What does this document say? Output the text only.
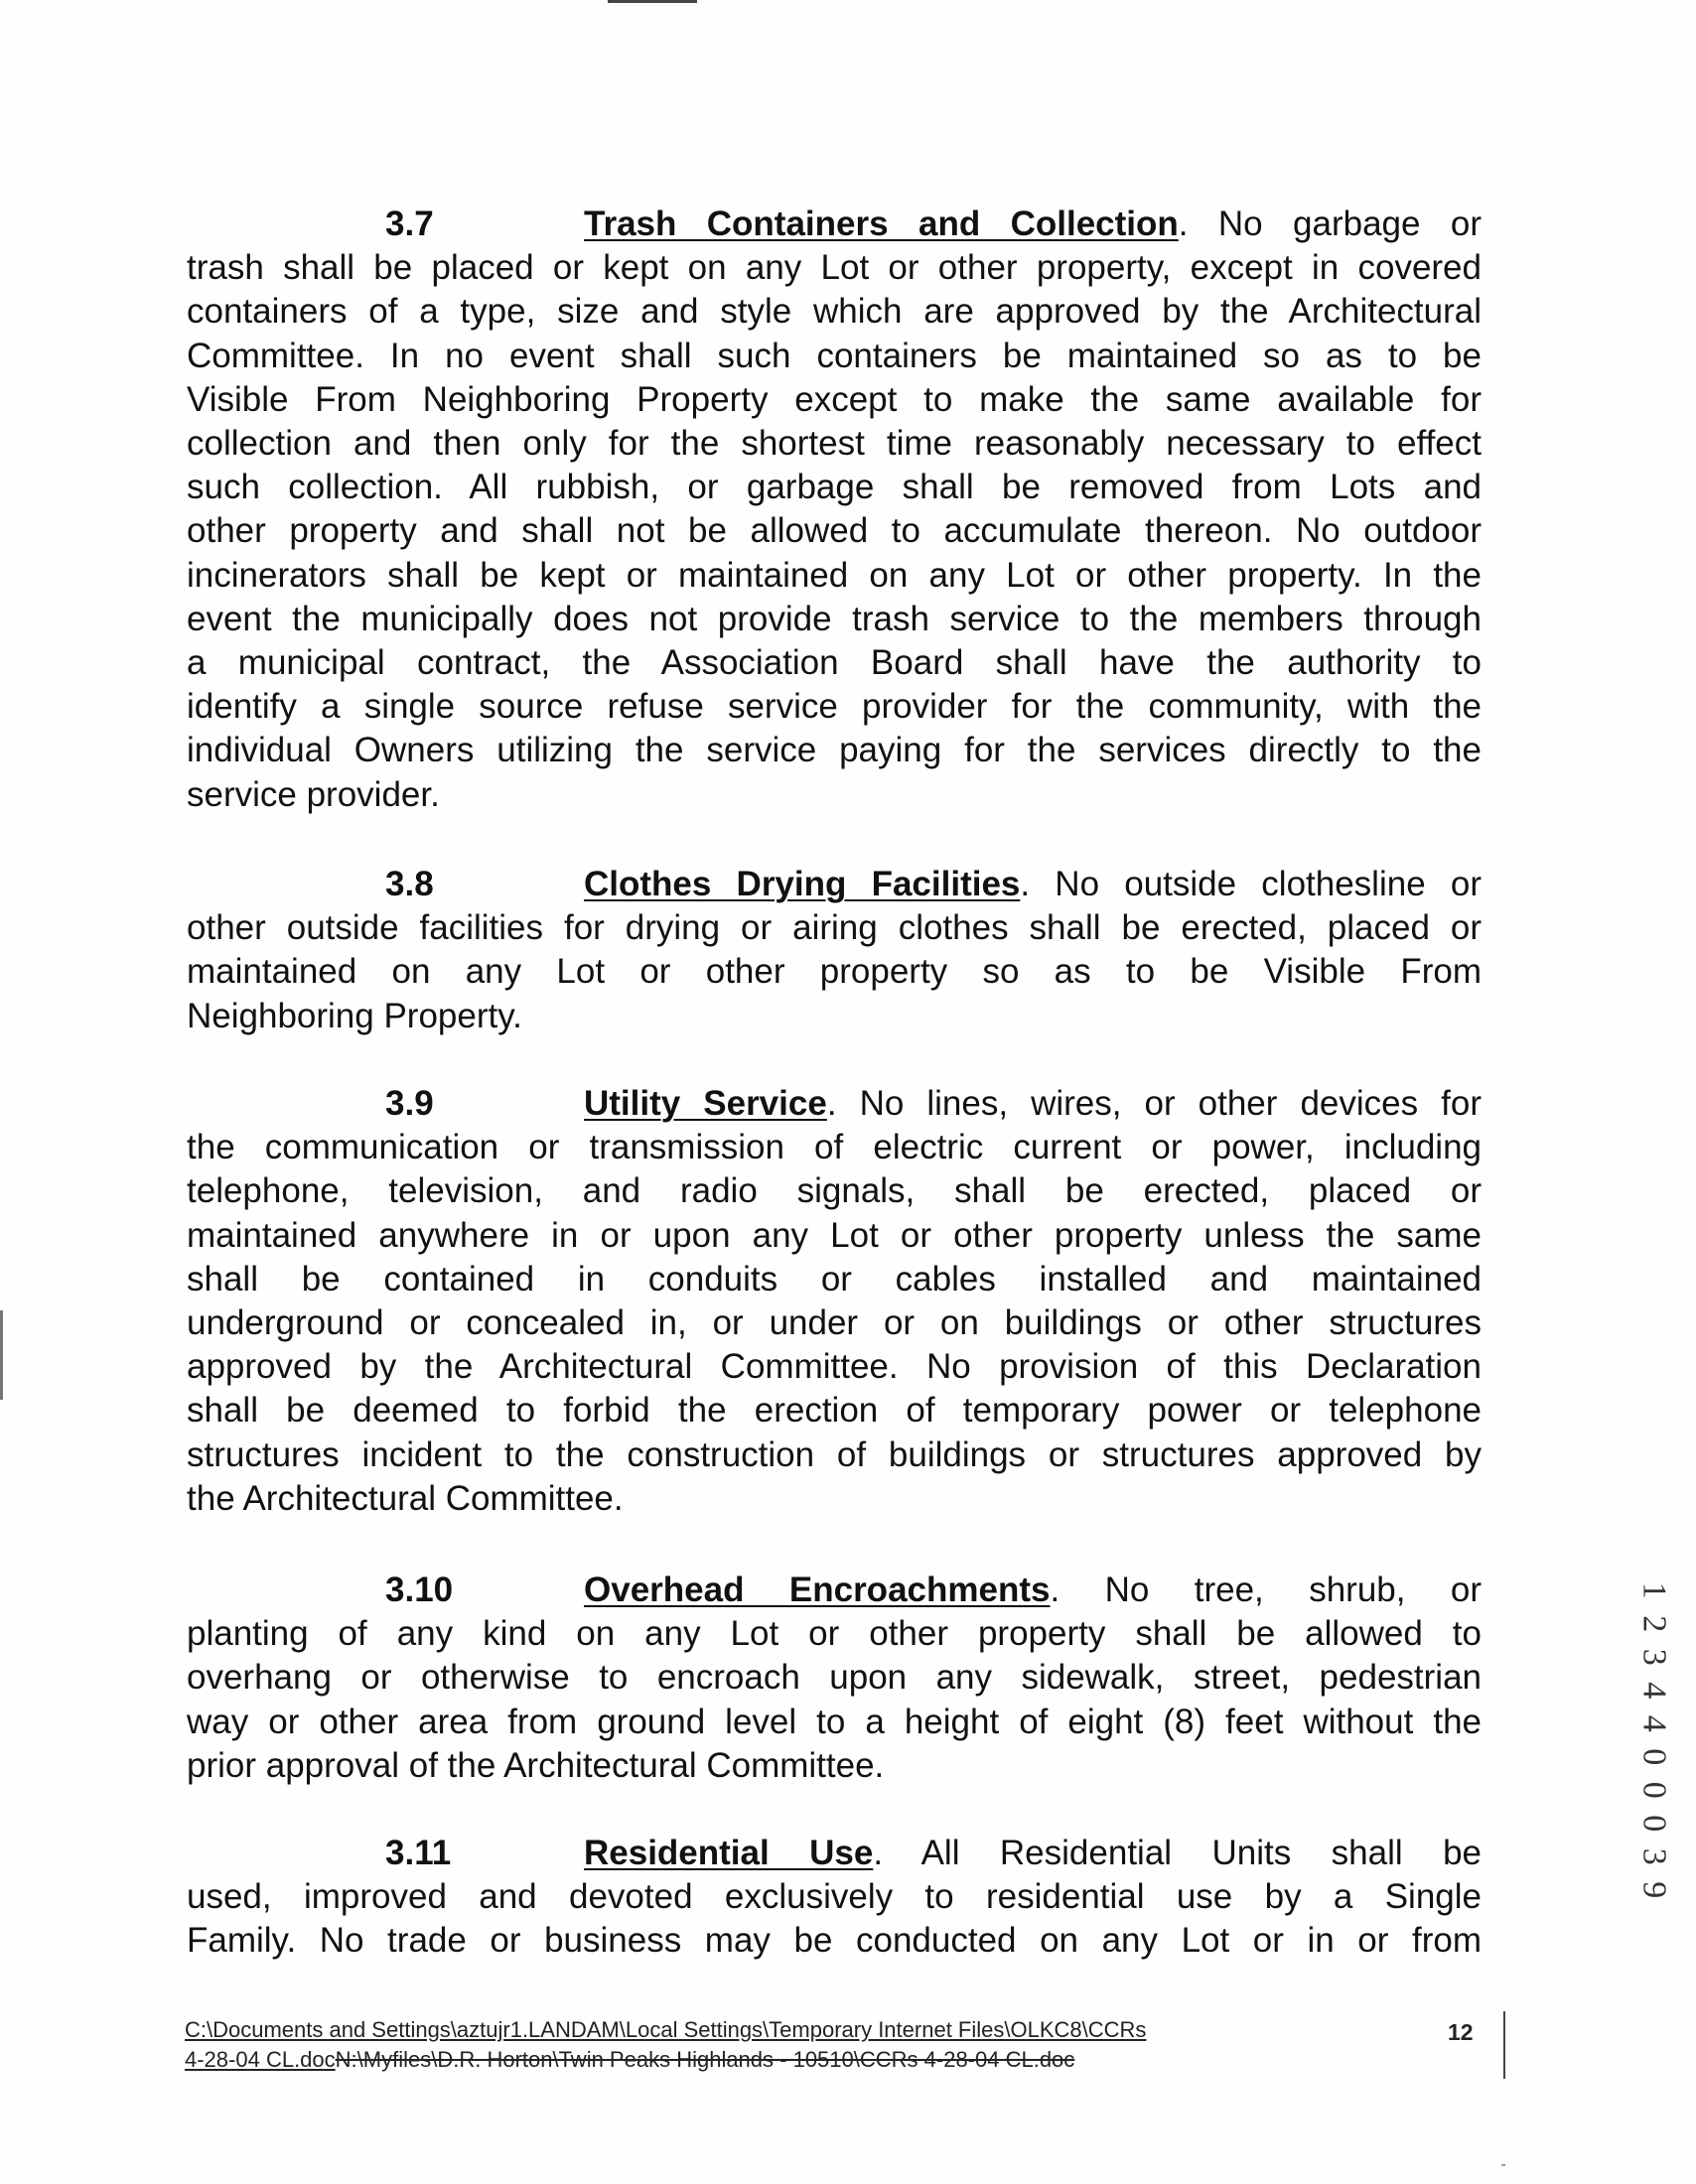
3.7	Trash Containers and Collection. No garbage or
trash shall be placed or kept on any Lot or other property, except in covered
containers of a type, size and style which are approved by the Architectural
Committee. In no event shall such containers be maintained so as to be
Visible From Neighboring Property except to make the same available for
collection and then only for the shortest time reasonably necessary to effect
such collection. All rubbish, or garbage shall be removed from Lots and
other property and shall not be allowed to accumulate thereon. No outdoor
incinerators shall be kept or maintained on any Lot or other property. In the
event the municipally does not provide trash service to the members through
a municipal contract, the Association Board shall have the authority to
identify a single source refuse service provider for the community, with the
individual Owners utilizing the service paying for the services directly to the
service provider.
3.8	Clothes Drying Facilities. No outside clothesline or
other outside facilities for drying or airing clothes shall be erected, placed or
maintained on any Lot or other property so as to be Visible From
Neighboring Property.
3.9	Utility Service. No lines, wires, or other devices for
the communication or transmission of electric current or power, including
telephone, television, and radio signals, shall be erected, placed or
maintained anywhere in or upon any Lot or other property unless the same
shall be contained in conduits or cables installed and maintained
underground or concealed in, or under or on buildings or other structures
approved by the Architectural Committee. No provision of this Declaration
shall be deemed to forbid the erection of temporary power or telephone
structures incident to the construction of buildings or structures approved by
the Architectural Committee.
3.10	Overhead Encroachments. No tree, shrub, or
planting of any kind on any Lot or other property shall be allowed to
overhang or otherwise to encroach upon any sidewalk, street, pedestrian
way or other area from ground level to a height of eight (8) feet without the
prior approval of the Architectural Committee.
3.11	Residential Use. All Residential Units shall be
used, improved and devoted exclusively to residential use by a Single
Family. No trade or business may be conducted on any Lot or in or from
1 2 3 4 4 0 0 0 3 9
C:\Documents and Settings\aztujr1.LANDAM\Local Settings\Temporary Internet Files\OLKC8\CCRs
4-28-04 CL.docN:\Myfiles\D.R. Horton\Twin Peaks Highlands - 10510\CCRs 4-28-04 CL.doc
12
